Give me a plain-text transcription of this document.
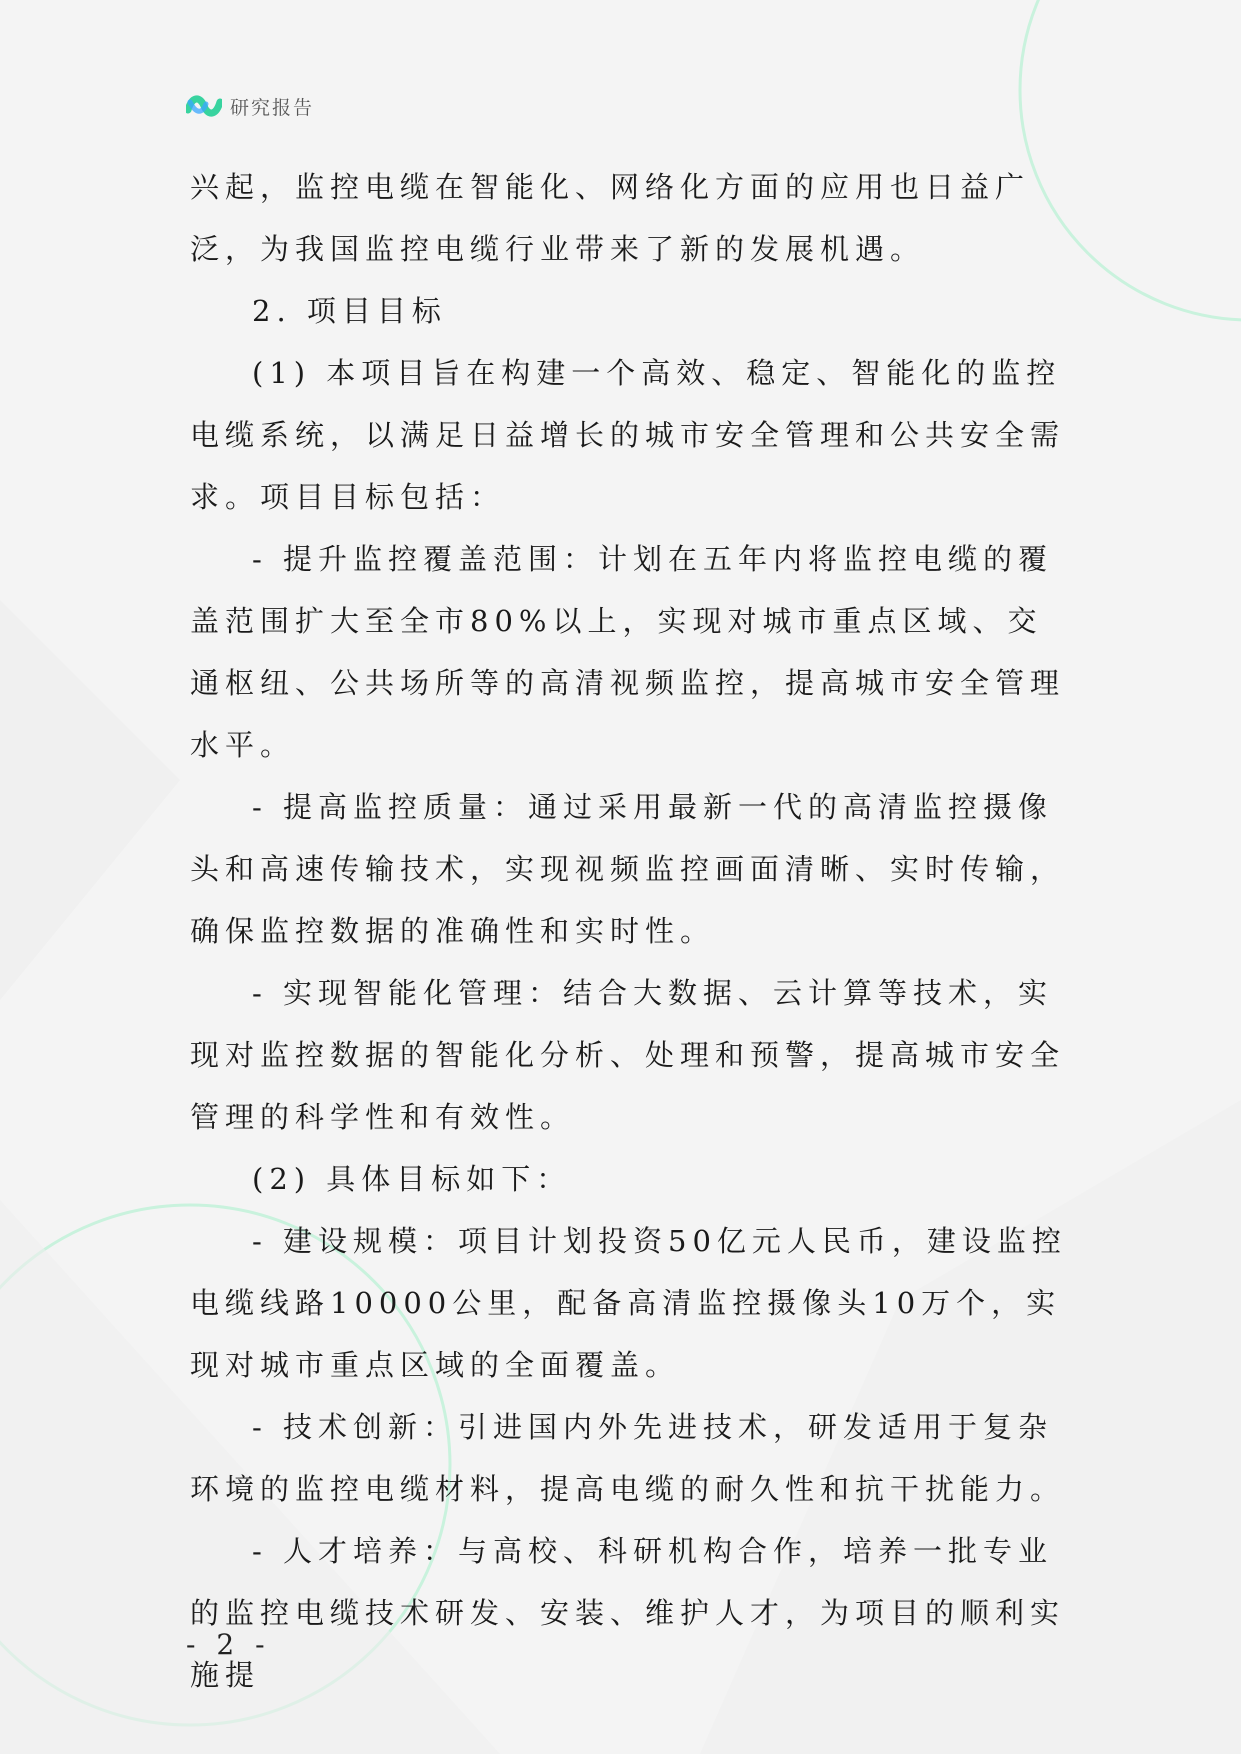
研究报告

兴起，监控电缆在智能化、网络化方面的应用也日益广泛，为我国监控电缆行业带来了新的发展机遇。

2. 项目目标

(1) 本项目旨在构建一个高效、稳定、智能化的监控电缆系统，以满足日益增长的城市安全管理和公共安全需求。项目目标包括：

- 提升监控覆盖范围：计划在五年内将监控电缆的覆盖范围扩大至全市80%以上，实现对城市重点区域、交通枢纽、公共场所等的高清视频监控，提高城市安全管理水平。

- 提高监控质量：通过采用最新一代的高清监控摄像头和高速传输技术，实现视频监控画面清晰、实时传输，确保监控数据的准确性和实时性。

- 实现智能化管理：结合大数据、云计算等技术，实现对监控数据的智能化分析、处理和预警，提高城市安全管理的科学性和有效性。

(2) 具体目标如下：

- 建设规模：项目计划投资50亿元人民币，建设监控电缆线路10000公里，配备高清监控摄像头10万个，实现对城市重点区域的全面覆盖。

- 技术创新：引进国内外先进技术，研发适用于复杂环境的监控电缆材料，提高电缆的耐久性和抗干扰能力。

- 人才培养：与高校、科研机构合作，培养一批专业的监控电缆技术研发、安装、维护人才，为项目的顺利实施提

- 2 -
